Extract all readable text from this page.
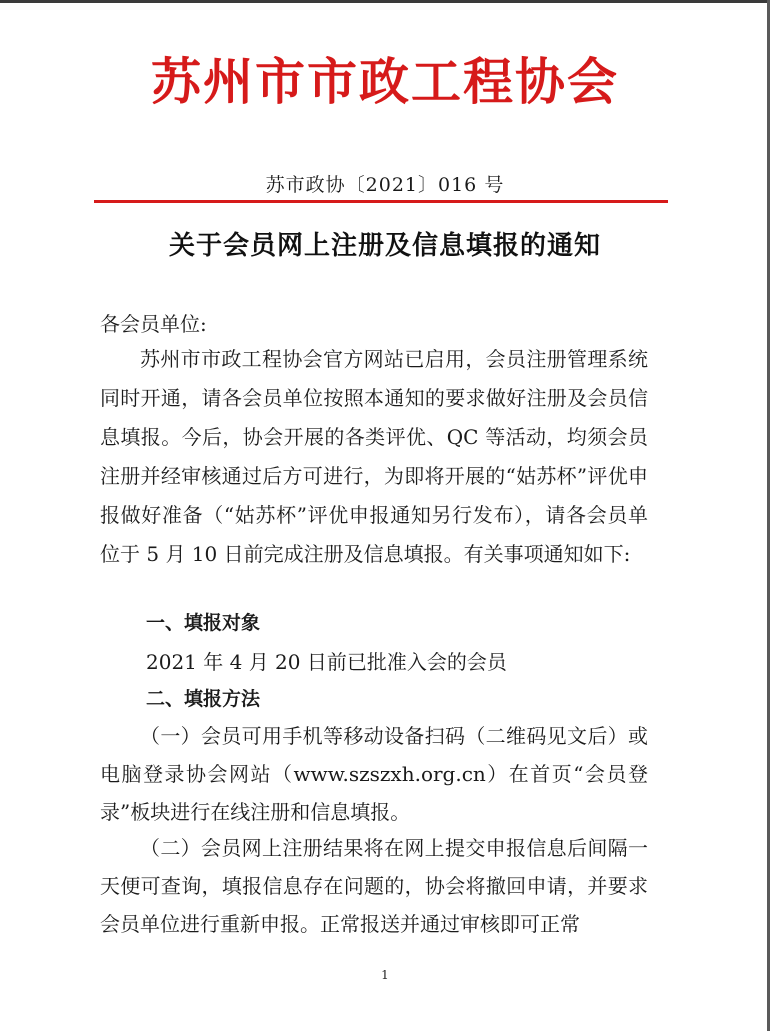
苏州市市政工程协会
苏市政协〔2021〕016 号
关于会员网上注册及信息填报的通知
各会员单位:
苏州市市政工程协会官方网站已启用，会员注册管理系统同时开通，请各会员单位按照本通知的要求做好注册及会员信息填报。今后，协会开展的各类评优、QC 等活动，均须会员注册并经审核通过后方可进行，为即将开展的“姑苏杯”评优申报做好准备（“姑苏杯”评优申报通知另行发布），请各会员单位于 5 月 10 日前完成注册及信息填报。有关事项通知如下:
一、填报对象
2021 年 4 月 20 日前已批准入会的会员
二、填报方法
（一）会员可用手机等移动设备扫码（二维码见文后）或电脑登录协会网站（www.szszxh.org.cn）在首页“会员登录”板块进行在线注册和信息填报。
（二）会员网上注册结果将在网上提交申报信息后间隔一天便可查询，填报信息存在问题的，协会将撤回申请，并要求会员单位进行重新申报。正常报送并通过审核即可正常
1
